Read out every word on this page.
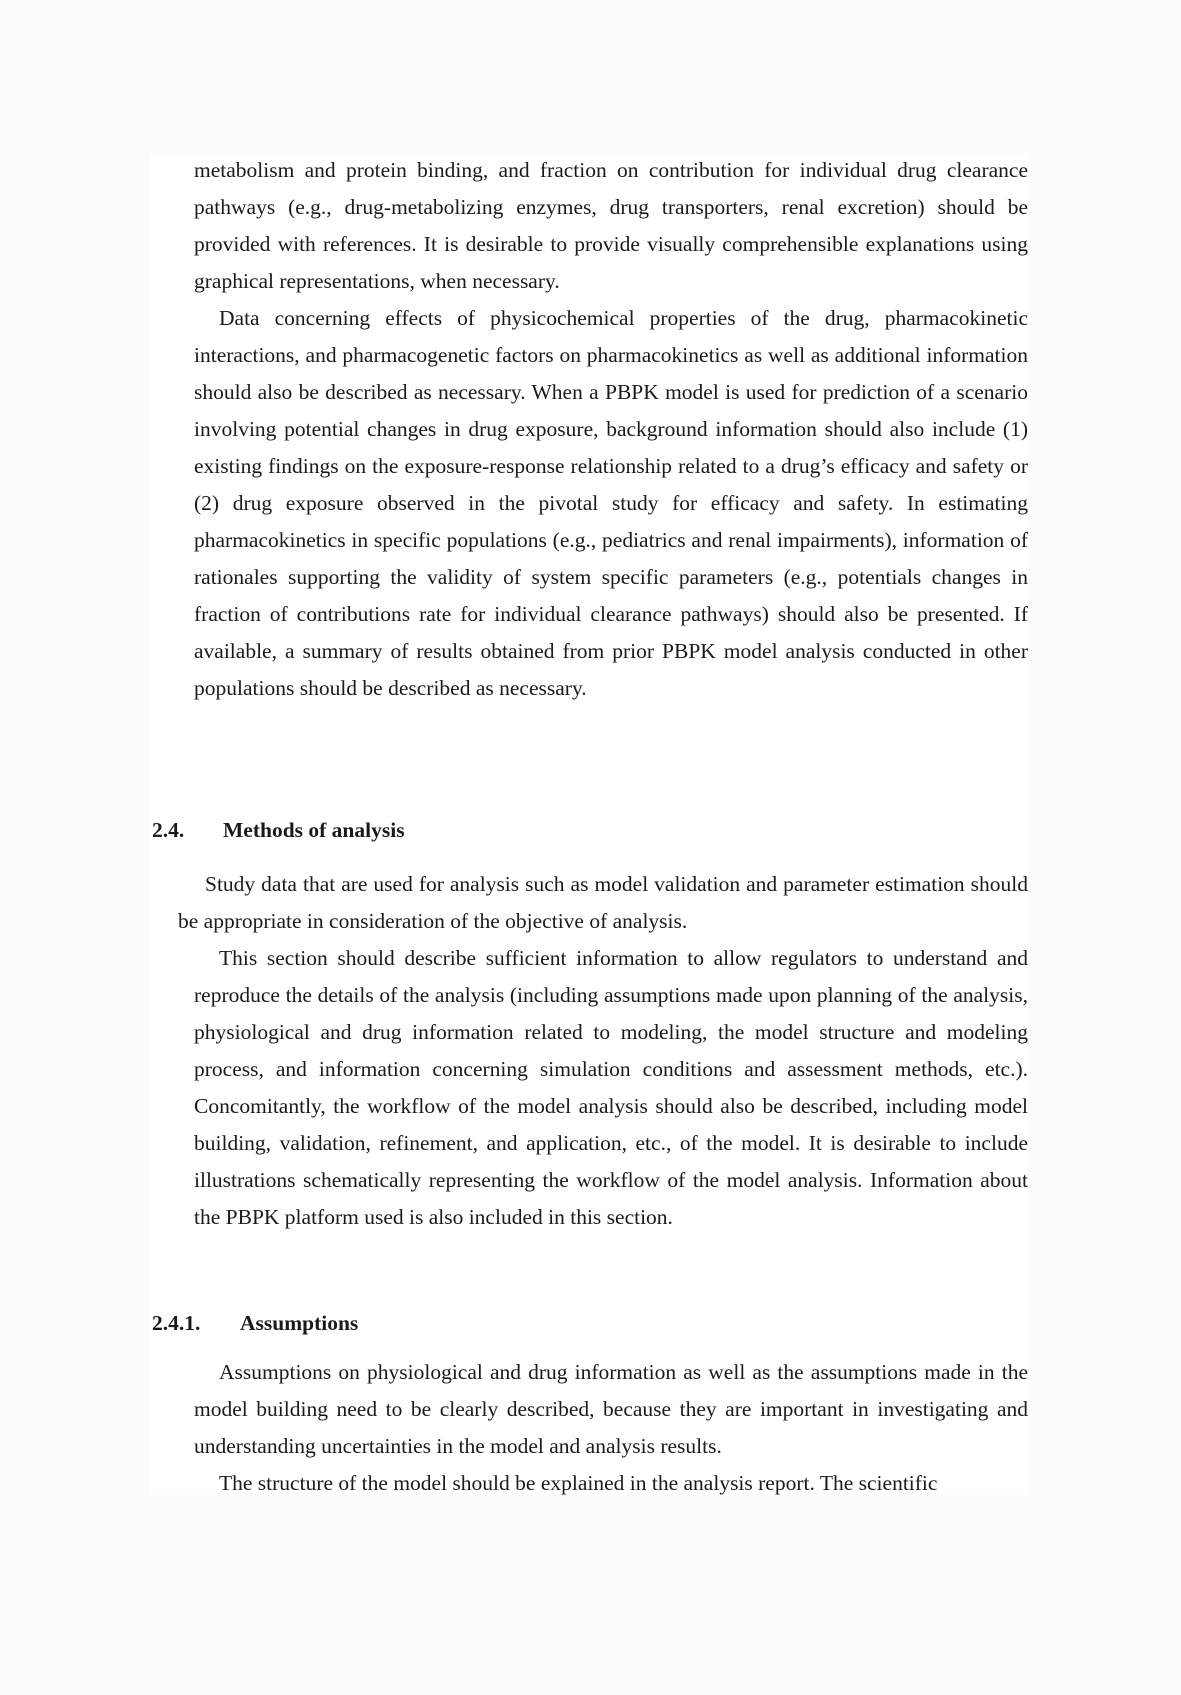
metabolism and protein binding, and fraction on contribution for individual drug clearance pathways (e.g., drug-metabolizing enzymes, drug transporters, renal excretion) should be provided with references. It is desirable to provide visually comprehensible explanations using graphical representations, when necessary.

Data concerning effects of physicochemical properties of the drug, pharmacokinetic interactions, and pharmacogenetic factors on pharmacokinetics as well as additional information should also be described as necessary. When a PBPK model is used for prediction of a scenario involving potential changes in drug exposure, background information should also include (1) existing findings on the exposure-response relationship related to a drug’s efficacy and safety or (2) drug exposure observed in the pivotal study for efficacy and safety. In estimating pharmacokinetics in specific populations (e.g., pediatrics and renal impairments), information of rationales supporting the validity of system specific parameters (e.g., potentials changes in fraction of contributions rate for individual clearance pathways) should also be presented. If available, a summary of results obtained from prior PBPK model analysis conducted in other populations should be described as necessary.

2.4. Methods of analysis

Study data that are used for analysis such as model validation and parameter estimation should be appropriate in consideration of the objective of analysis.

This section should describe sufficient information to allow regulators to understand and reproduce the details of the analysis (including assumptions made upon planning of the analysis, physiological and drug information related to modeling, the model structure and modeling process, and information concerning simulation conditions and assessment methods, etc.). Concomitantly, the workflow of the model analysis should also be described, including model building, validation, refinement, and application, etc., of the model. It is desirable to include illustrations schematically representing the workflow of the model analysis. Information about the PBPK platform used is also included in this section.

2.4.1. Assumptions

Assumptions on physiological and drug information as well as the assumptions made in the model building need to be clearly described, because they are important in investigating and understanding uncertainties in the model and analysis results.

The structure of the model should be explained in the analysis report. The scientific
